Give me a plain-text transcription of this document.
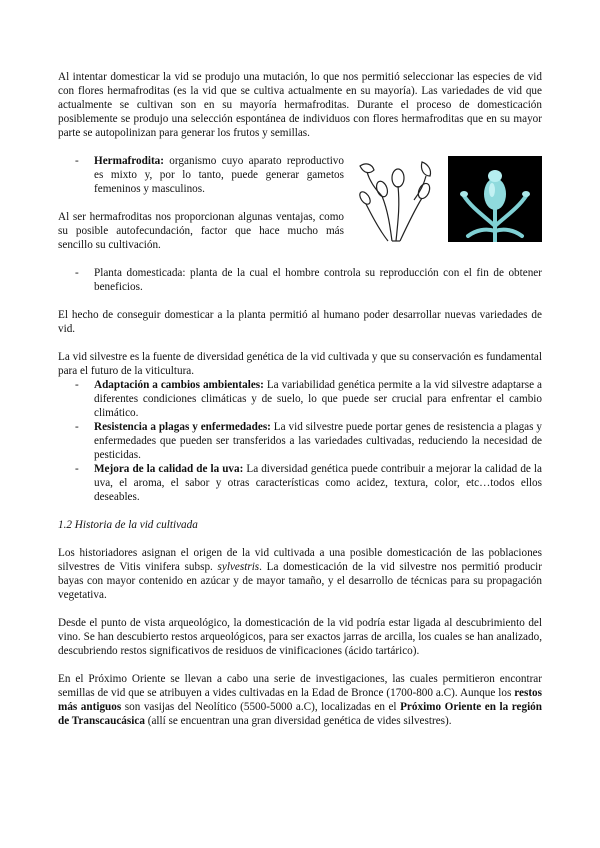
Al intentar domesticar la vid se produjo una mutación, lo que nos permitió seleccionar las especies de vid con flores hermafroditas (es la vid que se cultiva actualmente en su mayoría). Las variedades de vid que actualmente se cultivan son en su mayoría hermafroditas. Durante el proceso de domesticación posiblemente se produjo una selección espontánea de individuos con flores hermafroditas que en su mayor parte se autopolinizan para generar los frutos y semillas.

-	Hermafrodita: organismo cuyo aparato reproductivo es mixto y, por lo tanto, puede generar gametos femeninos y masculinos.

Al ser hermafroditas nos proporcionan algunas ventajas, como su posible autofecundación, factor que hace mucho más sencillo su cultivación.

-	Planta domesticada: planta de la cual el hombre controla su reproducción con el fin de obtener beneficios.

El hecho de conseguir domesticar a la planta permitió al humano poder desarrollar nuevas variedades de vid.

La vid silvestre es la fuente de diversidad genética de la vid cultivada y que su conservación es fundamental para el futuro de la viticultura.

-	Adaptación a cambios ambientales: La variabilidad genética permite a la vid silvestre adaptarse a diferentes condiciones climáticas y de suelo, lo que puede ser crucial para enfrentar el cambio climático.

-	Resistencia a plagas y enfermedades: La vid silvestre puede portar genes de resistencia a plagas y enfermedades que pueden ser transferidos a las variedades cultivadas, reduciendo la necesidad de pesticidas.

-	Mejora de la calidad de la uva: La diversidad genética puede contribuir a mejorar la calidad de la uva, el aroma, el sabor y otras características como acidez, textura, color, etc…todos ellos deseables.

1.2 Historia de la vid cultivada

Los historiadores asignan el origen de la vid cultivada a una posible domesticación de las poblaciones silvestres de Vitis vinifera subsp. sylvestris. La domesticación de la vid silvestre nos permitió producir bayas con mayor contenido en azúcar y de mayor tamaño, y el desarrollo de técnicas para su propagación vegetativa.

Desde el punto de vista arqueológico, la domesticación de la vid podría estar ligada al descubrimiento del vino. Se han descubierto restos arqueológicos, para ser exactos jarras de arcilla, los cuales se han analizado, descubriendo restos significativos de residuos de vinificaciones (ácido tartárico).

En el Próximo Oriente se llevan a cabo una serie de investigaciones, las cuales permitieron encontrar semillas de vid que se atribuyen a vides cultivadas en la Edad de Bronce (1700-800 a.C). Aunque los restos más antiguos son vasijas del Neolítico (5500-5000 a.C), localizadas en el Próximo Oriente en la región de Transcaucásica (allí se encuentran una gran diversidad genética de vides silvestres).
